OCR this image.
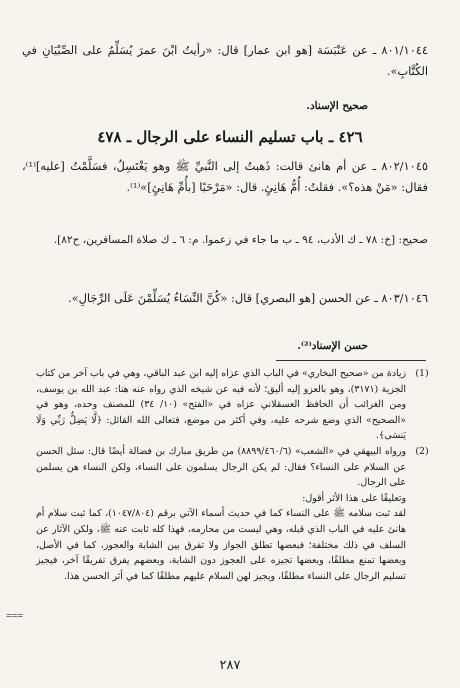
٨٠١/١٠٤٤ ـ عن عَنْبَسَة [هو ابن عمار] قال: «رأيتُ ابْنَ عمرَ يُسَلِّمُ على الصِّبْيَانِ في الكُتَّابِ».

صحيح الإسناد.
٤٢٦ ـ باب تسليم النساء على الرجال ـ ٤٧٨

٨٠٢/١٠٤٥ ـ عن أم هانئ قالت: ذَهبتُ إلى النَّبيِّ ﷺ وهو يَغْتَسِلُ، فسَلَّمْتُ [عليه]⁽¹⁾، فقال: «مَنْ هذه؟». فقلتُ: أُمُّ هَانِئٍ. قال: «مَرْحَبًا [بأُمِّ هَانِئٍ]»⁽¹⁾.

صحيح: [خ: ٧٨ ـ ك الأدب، ٩٤ ـ ب ما جاء في زعموا. م: ٦ ـ ك صلاة المسافرين، ح٨٢].

٨٠٣/١٠٤٦ ـ عن الحسن [هو البصري] قال: «كُنَّ النِّسَاءُ يُسَلِّمْنَ عَلَى الرِّجَالِ».

حسن الإسناد⁽²⁾.
(1)

زيادة من «صحيح البخاري» في الباب الذي عزاه إليه ابن عبد الباقي، وهي في باب آخر من كتاب الجزية (٣١٧١)، وهو بالعزو إليه أليق؛ لأنه فيه عن شيخه الذي رواه عنه هنا: عبد الله بن يوسف، ومن الغرائب أن الحافظ العسقلاني عزاه في «الفتح» (١٠/ ٣٤) للمصنف وحده، وهو في «الصحيح» الذي وضع شرحه عليه، وفي أكثر من موضع، فتعالى الله القائل: ﴿لَّا يَضِلُّ رَبِّي وَلَا يَنسَى﴾.

(2)

ورواه البيهقي في «الشعب» (٨٨٩٩/٤٦٠/٦) من طريق مبارك بن فضالة أيضًا قال: سئل الحسن عن السلام على النساء؟ فقال: لم يكن الرجال يسلمون على النساء، ولكن النساء هن يسلمن على الرجال.

وتعليقًا على هذا الأثر أقول:

لقد ثبت سلامه ﷺ على النساء كما في حديث أسماء الآتي برقم (١٠٤٧/٨٠٤)، كما ثبت سلام أم هانئ عليه في الباب الذي قبله، وهي ليست من محارمه، فهذا كله ثابت عنه ﷺ، ولكن الآثار عن السلف في ذلك مختلفة؛ فبعضها تطلق الجواز ولا تفرق بين الشابة والعجوز، كما في الأصل، وبعضها تمنع مطلقًا، وبعضها تجيزه على العجوز دون الشابة، وبعضهم يفرق تفريقًا آخر، فيجيز تسليم الرجال على النساء مطلقًا، ويجيز لهن السلام عليهم مطلقًا كما في أثر الحسن هذا.

⩶
٢٨٧
